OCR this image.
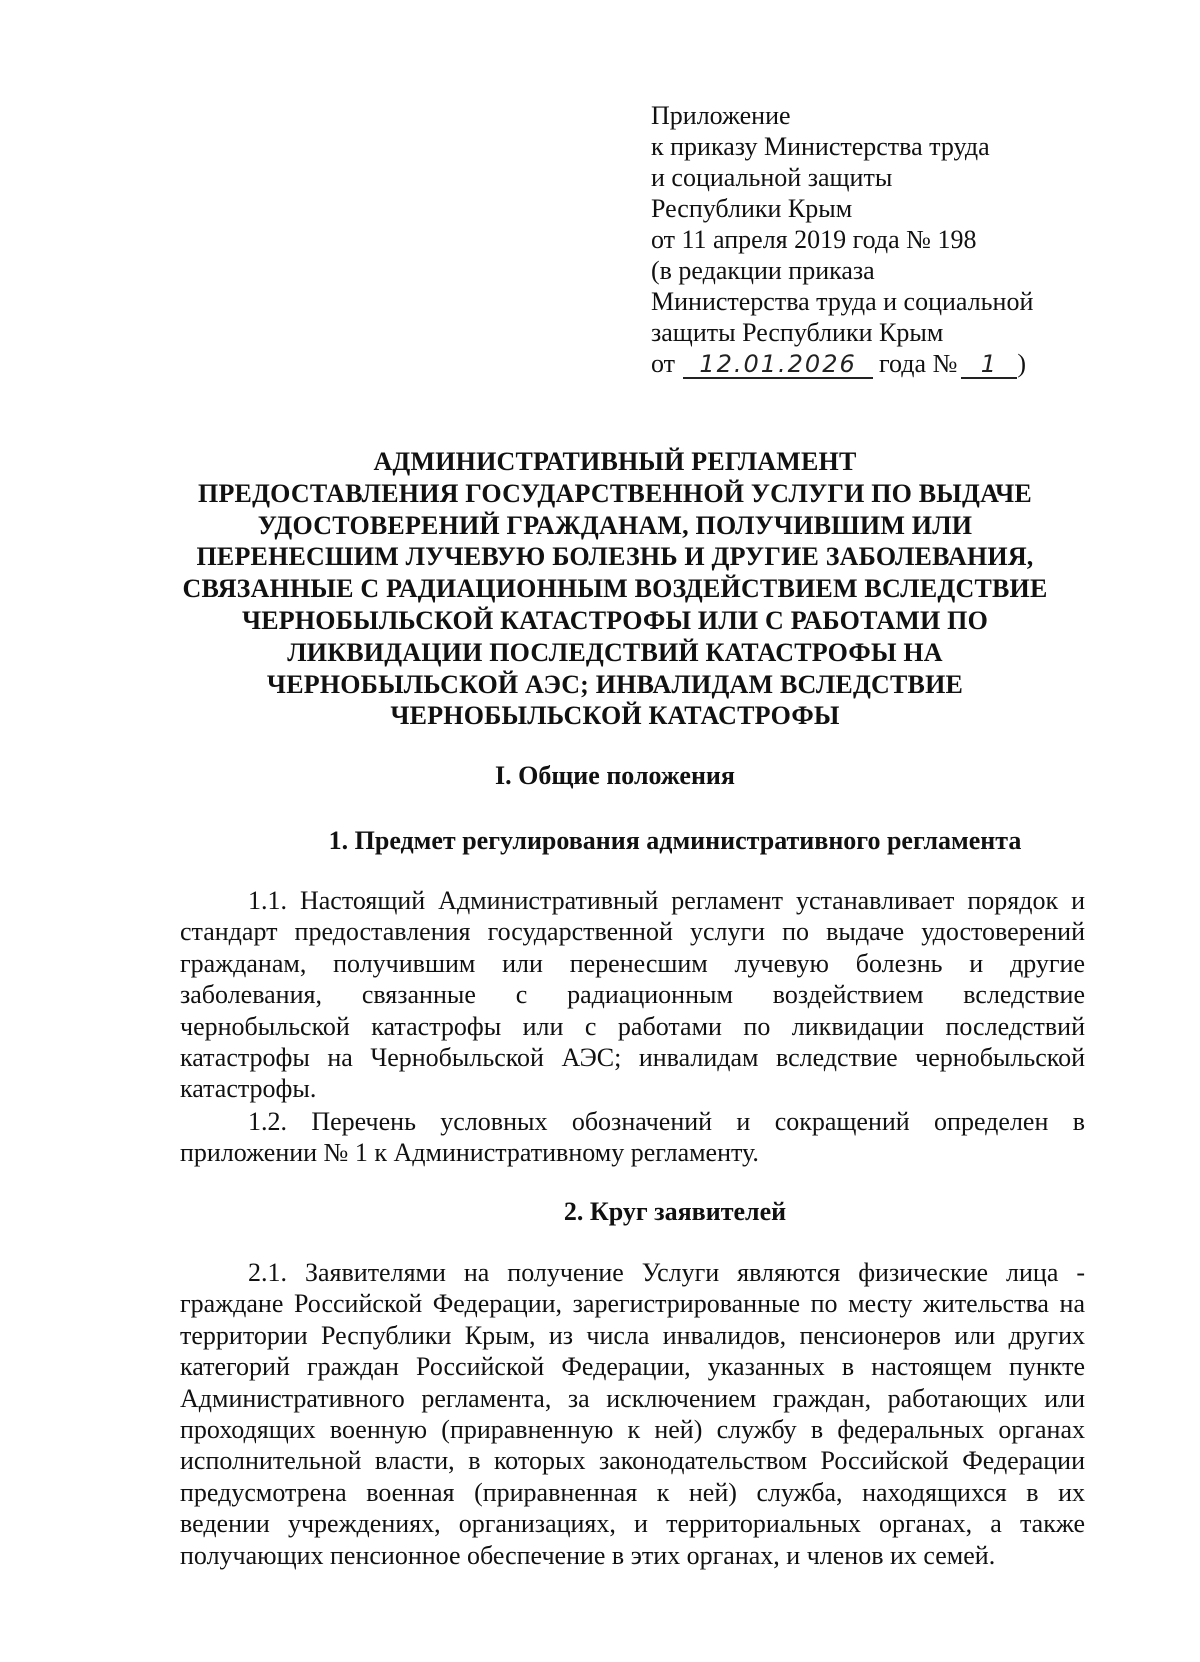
Приложение
к приказу Министерства труда
и социальной защиты
Республики Крым
от 11 апреля 2019 года № 198
(в редакции приказа
Министерства труда и социальной
защиты Республики Крым
от 12.01.2026 года № 1 )
АДМИНИСТРАТИВНЫЙ РЕГЛАМЕНТ
ПРЕДОСТАВЛЕНИЯ ГОСУДАРСТВЕННОЙ УСЛУГИ ПО ВЫДАЧЕ
УДОСТОВЕРЕНИЙ ГРАЖДАНАМ, ПОЛУЧИВШИМ ИЛИ
ПЕРЕНЕСШИМ ЛУЧЕВУЮ БОЛЕЗНЬ И ДРУГИЕ ЗАБОЛЕВАНИЯ,
СВЯЗАННЫЕ С РАДИАЦИОННЫМ ВОЗДЕЙСТВИЕМ ВСЛЕДСТВИЕ
ЧЕРНОБЫЛЬСКОЙ КАТАСТРОФЫ ИЛИ С РАБОТАМИ ПО
ЛИКВИДАЦИИ ПОСЛЕДСТВИЙ КАТАСТРОФЫ НА
ЧЕРНОБЫЛЬСКОЙ АЭС; ИНВАЛИДАМ ВСЛЕДСТВИЕ
ЧЕРНОБЫЛЬСКОЙ КАТАСТРОФЫ
I. Общие положения
1. Предмет регулирования административного регламента
1.1. Настоящий Административный регламент устанавливает порядок и
стандарт предоставления государственной услуги по выдаче удостоверений
гражданам, получившим или перенесшим лучевую болезнь и другие
заболевания, связанные с радиационным воздействием вследствие
чернобыльской катастрофы или с работами по ликвидации последствий
катастрофы на Чернобыльской АЭС; инвалидам вследствие чернобыльской
катастрофы.
1.2. Перечень условных обозначений и сокращений определен в
приложении № 1 к Административному регламенту.
2. Круг заявителей
2.1. Заявителями на получение Услуги являются физические лица -
граждане Российской Федерации, зарегистрированные по месту жительства на
территории Республики Крым, из числа инвалидов, пенсионеров или других
категорий граждан Российской Федерации, указанных в настоящем пункте
Административного регламента, за исключением граждан, работающих или
проходящих военную (приравненную к ней) службу в федеральных органах
исполнительной власти, в которых законодательством Российской Федерации
предусмотрена военная (приравненная к ней) служба, находящихся в их
ведении учреждениях, организациях, и территориальных органах, а также
получающих пенсионное обеспечение в этих органах, и членов их семей.
